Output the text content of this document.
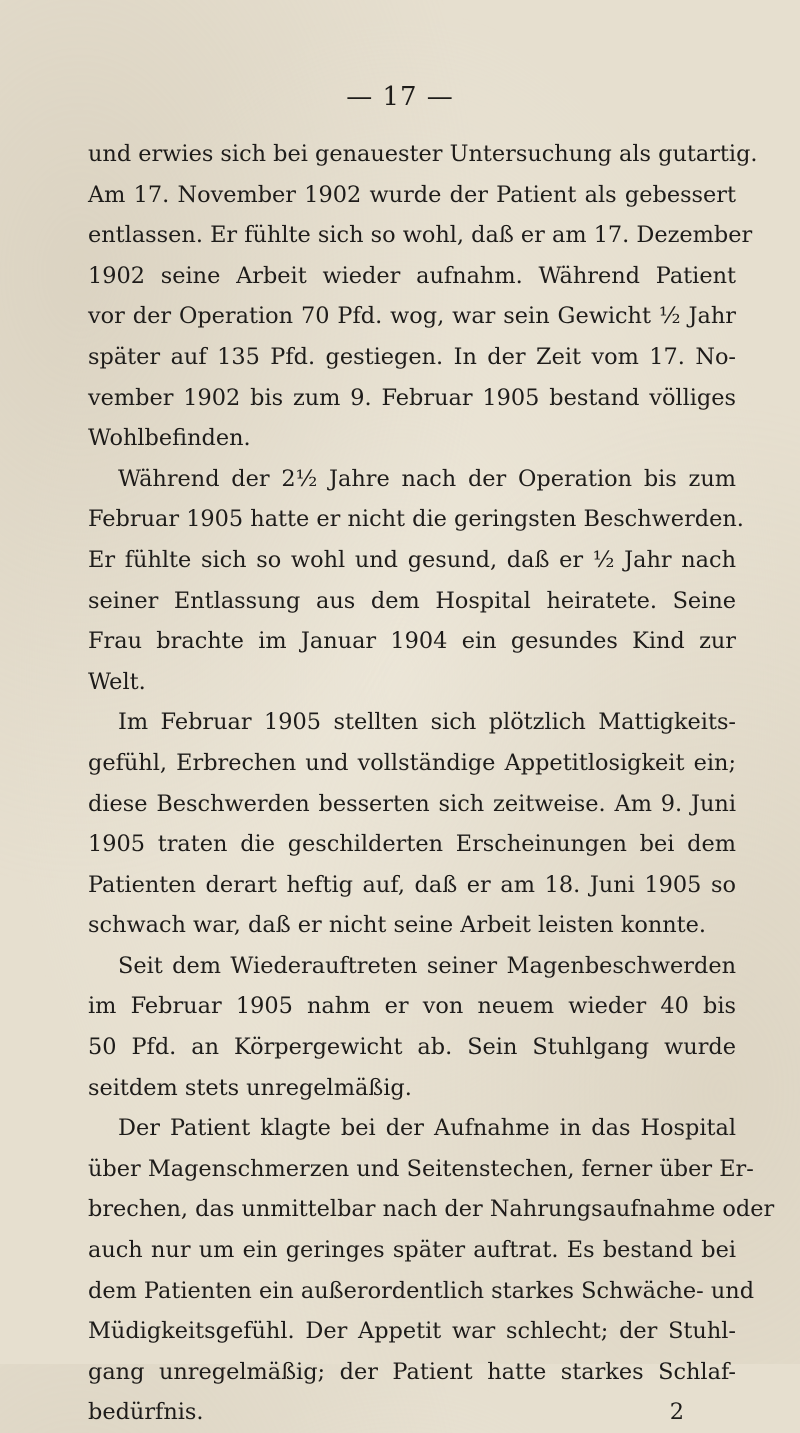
— 17 —
und erwies sich bei genauester Untersuchung als gutartig.
Am 17. November 1902 wurde der Patient als gebessert
entlassen. Er fühlte sich so wohl, daß er am 17. Dezember
1902 seine Arbeit wieder aufnahm. Während Patient
vor der Operation 70 Pfd. wog, war sein Gewicht ½ Jahr
später auf 135 Pfd. gestiegen. In der Zeit vom 17. No-
vember 1902 bis zum 9. Februar 1905 bestand völliges
Wohlbefinden.
Während der 2½ Jahre nach der Operation bis zum
Februar 1905 hatte er nicht die geringsten Beschwerden.
Er fühlte sich so wohl und gesund, daß er ½ Jahr nach
seiner Entlassung aus dem Hospital heiratete. Seine
Frau brachte im Januar 1904 ein gesundes Kind zur
Welt.
Im Februar 1905 stellten sich plötzlich Mattigkeits-
gefühl, Erbrechen und vollständige Appetitlosigkeit ein;
diese Beschwerden besserten sich zeitweise. Am 9. Juni
1905 traten die geschilderten Erscheinungen bei dem
Patienten derart heftig auf, daß er am 18. Juni 1905 so
schwach war, daß er nicht seine Arbeit leisten konnte.
Seit dem Wiederauftreten seiner Magenbeschwerden
im Februar 1905 nahm er von neuem wieder 40 bis
50 Pfd. an Körpergewicht ab. Sein Stuhlgang wurde
seitdem stets unregelmäßig.
Der Patient klagte bei der Aufnahme in das Hospital
über Magenschmerzen und Seitenstechen, ferner über Er-
brechen, das unmittelbar nach der Nahrungsaufnahme oder
auch nur um ein geringes später auftrat. Es bestand bei
dem Patienten ein außerordentlich starkes Schwäche- und
Müdigkeitsgefühl. Der Appetit war schlecht; der Stuhl-
gang unregelmäßig; der Patient hatte starkes Schlaf-
bedürfnis.	2
